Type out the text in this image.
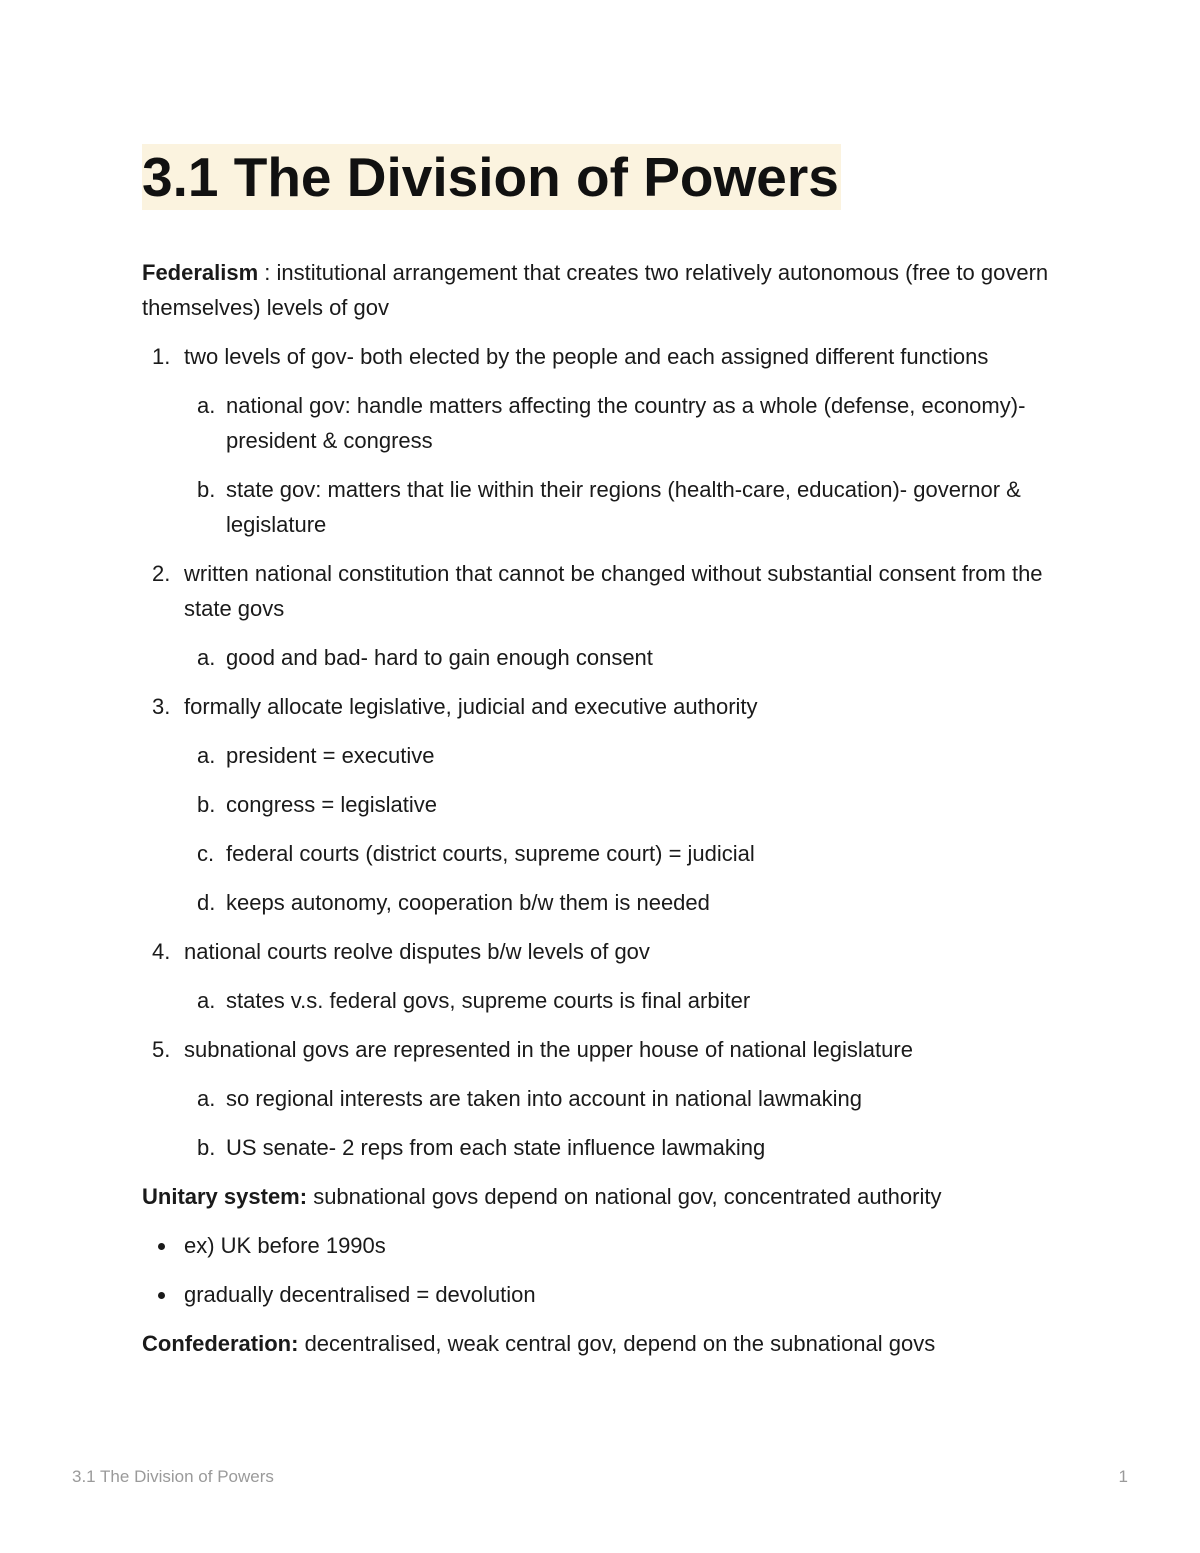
3.1 The Division of Powers

Federalism : institutional arrangement that creates two relatively autonomous (free to govern themselves) levels of gov

1. two levels of gov- both elected by the people and each assigned different functions
a. national gov: handle matters affecting the country as a whole (defense, economy)- president & congress
b. state gov: matters that lie within their regions (health-care, education)- governor & legislature
2. written national constitution that cannot be changed without substantial consent from the state govs
a. good and bad- hard to gain enough consent
3. formally allocate legislative, judicial and executive authority
a. president = executive
b. congress = legislative
c. federal courts (district courts, supreme court) = judicial
d. keeps autonomy, cooperation b/w them is needed
4. national courts reolve disputes b/w levels of gov
a. states v.s. federal govs, supreme courts is final arbiter
5. subnational govs are represented in the upper house of national legislature
a. so regional interests are taken into account in national lawmaking
b. US senate- 2 reps from each state influence lawmaking

Unitary system: subnational govs depend on national gov, concentrated authority

ex) UK before 1990s
gradually decentralised = devolution

Confederation: decentralised, weak central gov, depend on the subnational govs

3.1 The Division of Powers	1
